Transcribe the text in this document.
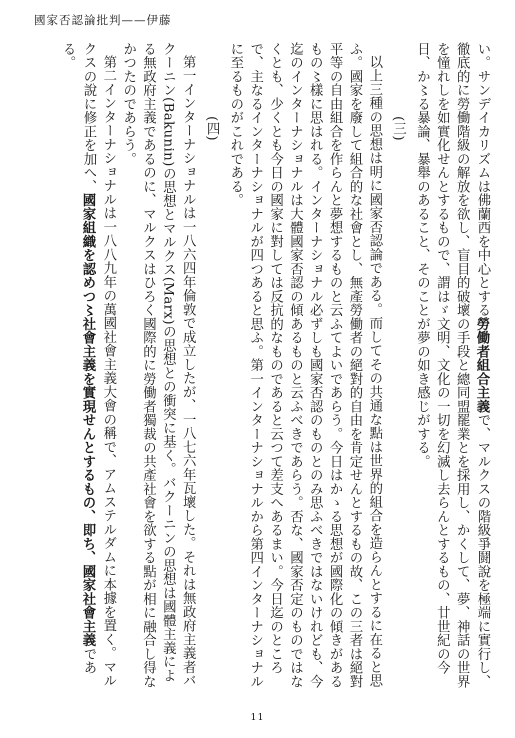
國家否認論批判——伊藤

い。サンデイカリズムは佛蘭西を中心とする勞働者組合主義で、マルクスの階級爭鬪說を極端に實行し、徹底的に勞働階級の解放を欲し、盲目的破壞の手段と總同盟罷業とを採用し、かくして、夢、神話の世界を憧れしを如實化せんとするもので、謂はゞ文明、文化の一切を幻滅し去らんとするもの、廿世紀の今日、か〻る暴論、暴舉のあること、そのことが夢の如き感じがする。

(三)

以上三種の思想は明に國家否認論である。而してその共通な點は世界的組合を造らんとするに在ると思ふ。國家を廢して組合的な社會とし、無產勞働者の絕對的自由を肯定せんとするもの故、この三者は絕對平等の自由組合を作らんと夢想するものと云ふてよいであらう。今日はかゝる思想が國際化の傾きがあるもの〻樣に思はれる。インターナショナル必ずしも國家否認のものとのみ思ふべきではないけれども、今迄のインターナショナルは大體國家否認の傾あるものと云ふべきであらう。否な、國家否定のものではなくとも、少くとも今日の國家に對しては反抗的なものであると云つて差支へあるまい。今日迄のところで、主なるインターナショナルが四つあると思ふ。第一インターナショナルから第四インターナショナルに至るものがこれである。

(四)

第一インターナショナルは一八六四年倫敦で成立したが、一八七六年瓦壞した。それは無政府主義者バクーニン(Bakunin)の思想とマルクス(Marx)の思想との衝突に基く。バクーニンの思想は國體主義による無政府主義であるのに、マルクスはひろく國際的に勞働者獨裁の共產社會を欲する點が相に融合し得なかつたのであらう。

第二インターナショナルは一八八九年の萬國社會主義大會の稱で、アムステルダムに本據を置く。マルクスの說に修正を加へ、國家組織を認めつ〻社會主義を實現せんとするもの、即ち、國家社會主義である。

11
